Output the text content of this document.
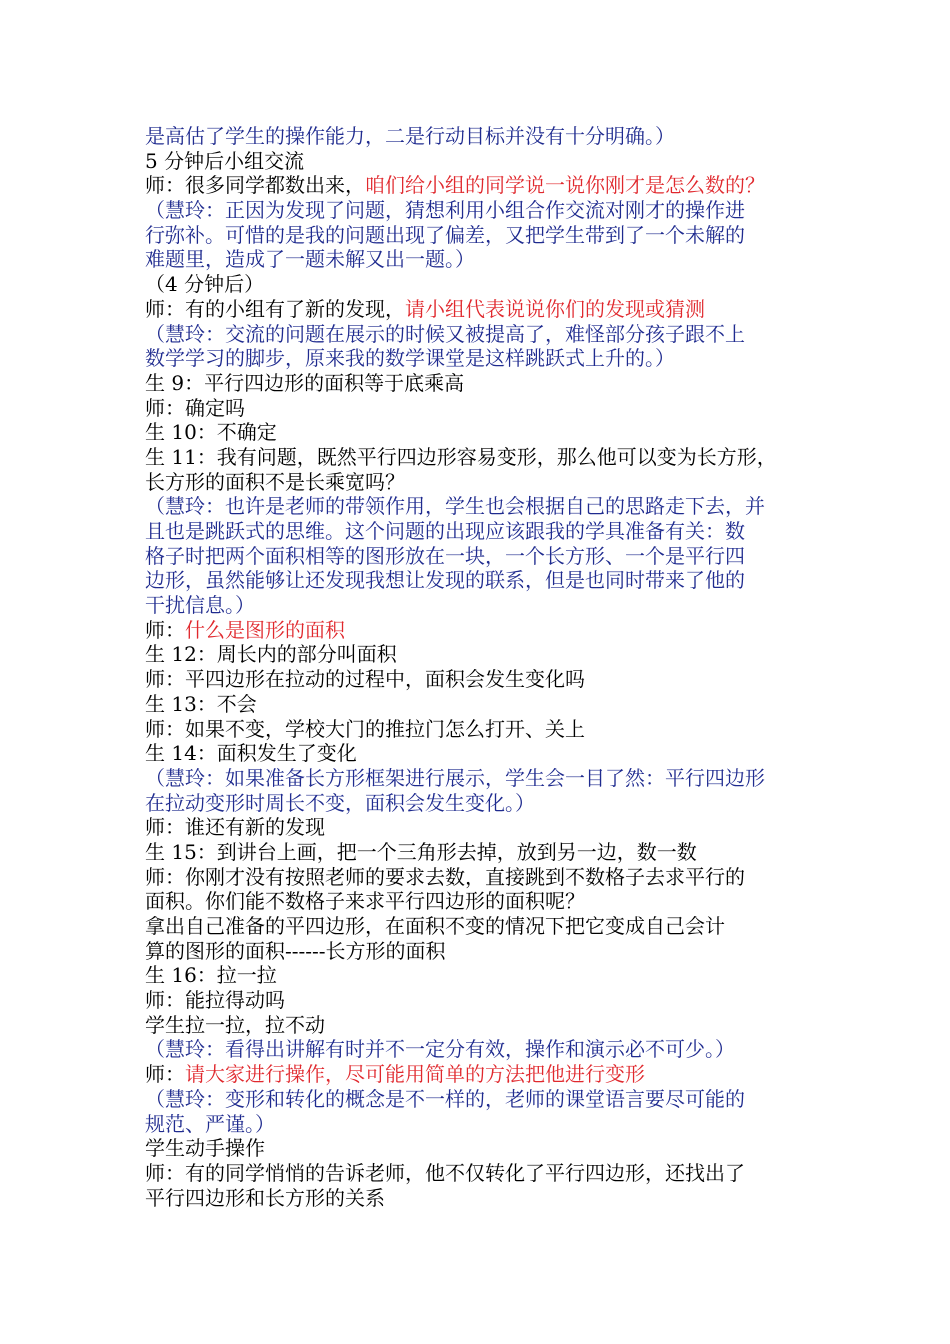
是高估了学生的操作能力，二是行动目标并没有十分明确。）
5 分钟后小组交流
师：很多同学都数出来，咱们给小组的同学说一说你刚才是怎么数的？
（慧玲：正因为发现了问题，猜想利用小组合作交流对刚才的操作进
行弥补。可惜的是我的问题出现了偏差，又把学生带到了一个未解的
难题里，造成了一题未解又出一题。）
（4 分钟后）
师：有的小组有了新的发现，请小组代表说说你们的发现或猜测
（慧玲：交流的问题在展示的时候又被提高了，难怪部分孩子跟不上
数学学习的脚步，原来我的数学课堂是这样跳跃式上升的。）
生 9：平行四边形的面积等于底乘高
师：确定吗
生 10：不确定
生 11：我有问题，既然平行四边形容易变形，那么他可以变为长方形，
长方形的面积不是长乘宽吗？
（慧玲：也许是老师的带领作用，学生也会根据自己的思路走下去，并
且也是跳跃式的思维。这个问题的出现应该跟我的学具准备有关：数
格子时把两个面积相等的图形放在一块，一个长方形、一个是平行四
边形，虽然能够让还发现我想让发现的联系，但是也同时带来了他的
干扰信息。）
师：什么是图形的面积
生 12：周长内的部分叫面积
师：平四边形在拉动的过程中，面积会发生变化吗
生 13：不会
师：如果不变，学校大门的推拉门怎么打开、关上
生 14：面积发生了变化
（慧玲：如果准备长方形框架进行展示，学生会一目了然：平行四边形
在拉动变形时周长不变，面积会发生变化。）
师：谁还有新的发现
生 15：到讲台上画，把一个三角形去掉，放到另一边，数一数
师：你刚才没有按照老师的要求去数，直接跳到不数格子去求平行的
面积。你们能不数格子来求平行四边形的面积呢？
拿出自己准备的平四边形，在面积不变的情况下把它变成自己会计
算的图形的面积------长方形的面积
生 16：拉一拉
师：能拉得动吗
学生拉一拉，拉不动
（慧玲：看得出讲解有时并不一定分有效，操作和演示必不可少。）
师：请大家进行操作，尽可能用简单的方法把他进行变形
（慧玲：变形和转化的概念是不一样的，老师的课堂语言要尽可能的
规范、严谨。）
学生动手操作
师：有的同学悄悄的告诉老师，他不仅转化了平行四边形，还找出了
平行四边形和长方形的关系
